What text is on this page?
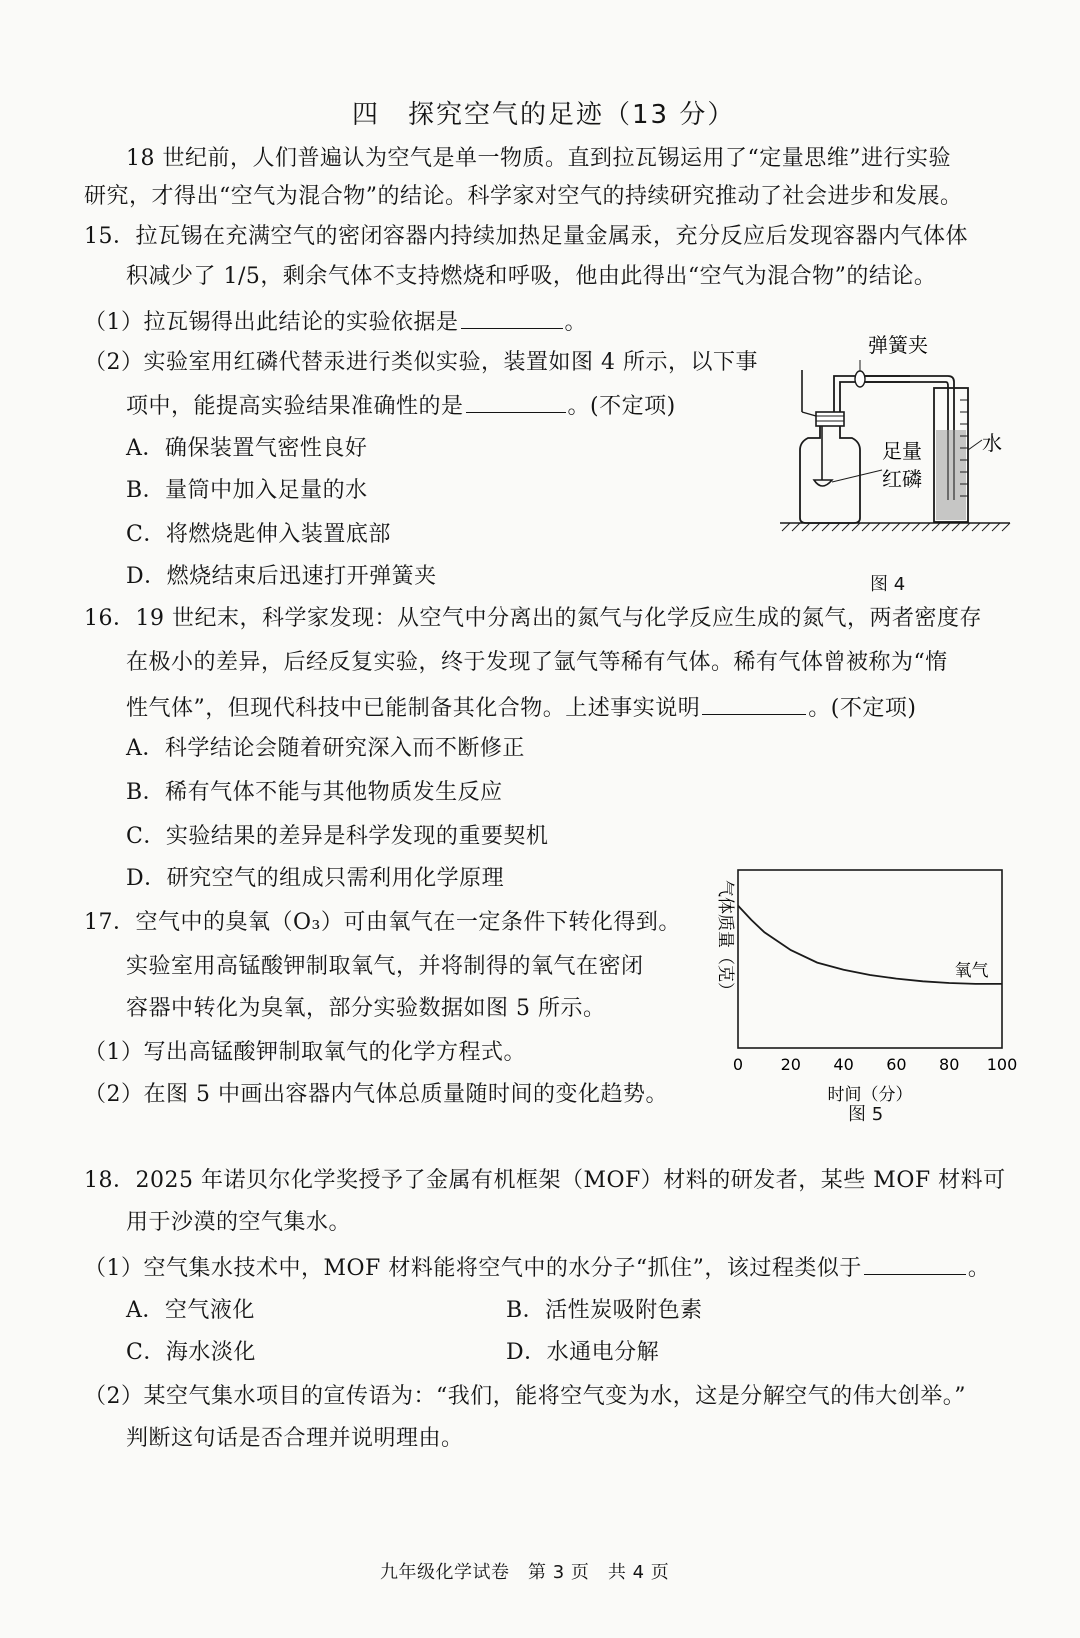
四　探究空气的足迹（13 分）
18 世纪前，人们普遍认为空气是单一物质。直到拉瓦锡运用了“定量思维”进行实验
研究，才得出“空气为混合物”的结论。科学家对空气的持续研究推动了社会进步和发展。
15．拉瓦锡在充满空气的密闭容器内持续加热足量金属汞，充分反应后发现容器内气体体
积减少了 1/5，剩余气体不支持燃烧和呼吸，他由此得出“空气为混合物”的结论。
（1）拉瓦锡得出此结论的实验依据是	。
（2）实验室用红磷代替汞进行类似实验，装置如图 4 所示，以下事
项中，能提高实验结果准确性的是	。(不定项)
A．确保装置气密性良好
B．量筒中加入足量的水
C．将燃烧匙伸入装置底部
D．燃烧结束后迅速打开弹簧夹
弹簧夹
水
足量
红磷
图 4
16．19 世纪末，科学家发现：从空气中分离出的氮气与化学反应生成的氮气，两者密度存
在极小的差异，后经反复实验，终于发现了氩气等稀有气体。稀有气体曾被称为“惰
性气体”，但现代科技中已能制备其化合物。上述事实说明	。(不定项)
A．科学结论会随着研究深入而不断修正
B．稀有气体不能与其他物质发生反应
C．实验结果的差异是科学发现的重要契机
D．研究空气的组成只需利用化学原理
17．空气中的臭氧（O₃）可由氧气在一定条件下转化得到。
实验室用高锰酸钾制取氧气，并将制得的氧气在密闭
容器中转化为臭氧，部分实验数据如图 5 所示。
（1）写出高锰酸钾制取氧气的化学方程式。
（2）在图 5 中画出容器内气体总质量随时间的变化趋势。
气体质量（克）
时间（分）
0 20 40 60 80 100
氧气
图 5
18．2025 年诺贝尔化学奖授予了金属有机框架（MOF）材料的研发者，某些 MOF 材料可
用于沙漠的空气集水。
（1）空气集水技术中，MOF 材料能将空气中的水分子“抓住”，该过程类似于	。
A．空气液化	B．活性炭吸附色素
C．海水淡化	D．水通电分解
（2）某空气集水项目的宣传语为：“我们，能将空气变为水，这是分解空气的伟大创举。”
判断这句话是否合理并说明理由。
九年级化学试卷　第 3 页　共 4 页
